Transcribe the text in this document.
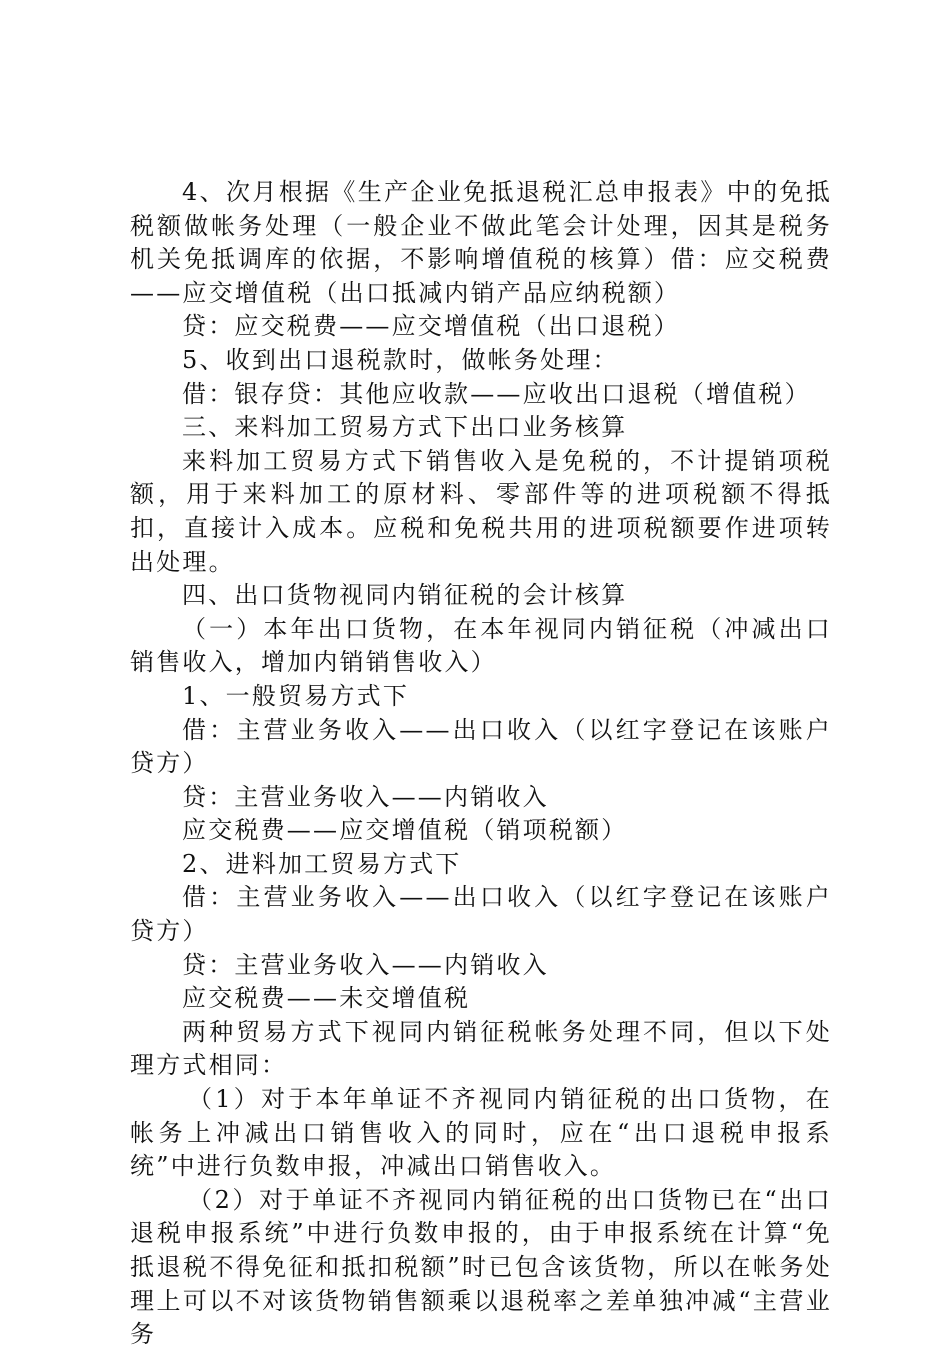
4、次月根据《生产企业免抵退税汇总申报表》中的免抵税额做帐务处理（一般企业不做此笔会计处理，因其是税务机关免抵调库的依据，不影响增值税的核算）借：应交税费——应交增值税（出口抵减内销产品应纳税额）

贷：应交税费——应交增值税（出口退税）

5、收到出口退税款时，做帐务处理：

借：银存贷：其他应收款——应收出口退税（增值税）

三、来料加工贸易方式下出口业务核算

来料加工贸易方式下销售收入是免税的，不计提销项税额，用于来料加工的原材料、零部件等的进项税额不得抵扣，直接计入成本。应税和免税共用的进项税额要作进项转出处理。

四、出口货物视同内销征税的会计核算

（一）本年出口货物，在本年视同内销征税（冲减出口销售收入，增加内销销售收入）

1、一般贸易方式下

借：主营业务收入——出口收入（以红字登记在该账户贷方）

贷：主营业务收入——内销收入

应交税费——应交增值税（销项税额）

2、进料加工贸易方式下

借：主营业务收入——出口收入（以红字登记在该账户贷方）

贷：主营业务收入——内销收入

应交税费——未交增值税

两种贸易方式下视同内销征税帐务处理不同，但以下处理方式相同：

（1）对于本年单证不齐视同内销征税的出口货物，在帐务上冲减出口销售收入的同时，应在“出口退税申报系统”中进行负数申报，冲减出口销售收入。

（2）对于单证不齐视同内销征税的出口货物已在“出口退税申报系统”中进行负数申报的，由于申报系统在计算“免抵退税不得免征和抵扣税额”时已包含该货物，所以在帐务处理上可以不对该货物销售额乘以退税率之差单独冲减“主营业务
